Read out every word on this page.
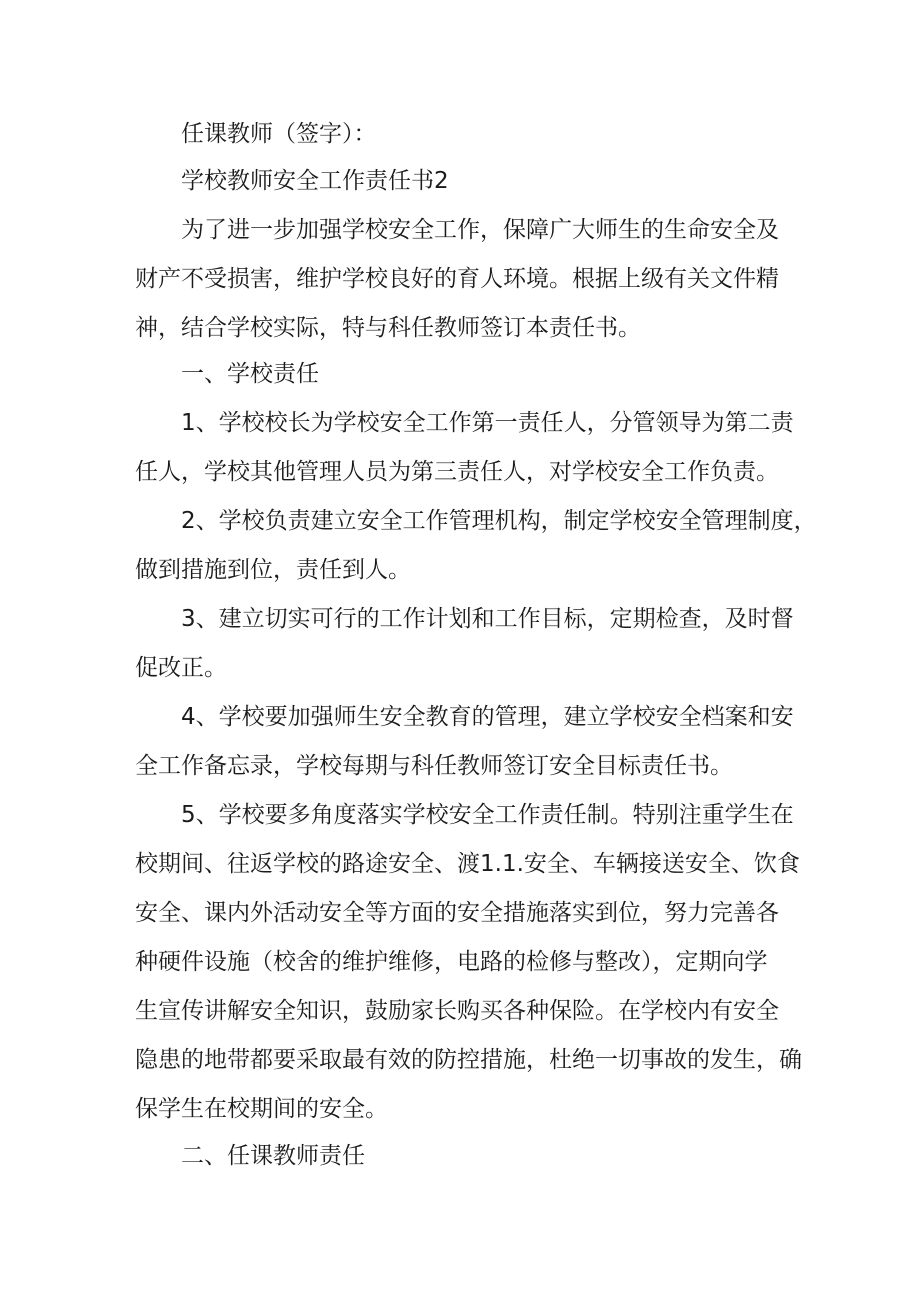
任课教师（签字）：

学校教师安全工作责任书2

为了进一步加强学校安全工作，保障广大师生的生命安全及

财产不受损害，维护学校良好的育人环境。根据上级有关文件精

神，结合学校实际，特与科任教师签订本责任书。

一、学校责任

1、学校校长为学校安全工作第一责任人，分管领导为第二责

任人，学校其他管理人员为第三责任人，对学校安全工作负责。

2、学校负责建立安全工作管理机构，制定学校安全管理制度，

做到措施到位，责任到人。

3、建立切实可行的工作计划和工作目标，定期检查，及时督

促改正。

4、学校要加强师生安全教育的管理，建立学校安全档案和安

全工作备忘录，学校每期与科任教师签订安全目标责任书。

5、学校要多角度落实学校安全工作责任制。特别注重学生在

校期间、往返学校的路途安全、渡1.1.安全、车辆接送安全、饮食

安全、课内外活动安全等方面的安全措施落实到位，努力完善各

种硬件设施（校舍的维护维修，电路的检修与整改），定期向学

生宣传讲解安全知识，鼓励家长购买各种保险。在学校内有安全

隐患的地带都要采取最有效的防控措施，杜绝一切事故的发生，确

保学生在校期间的安全。

二、任课教师责任
